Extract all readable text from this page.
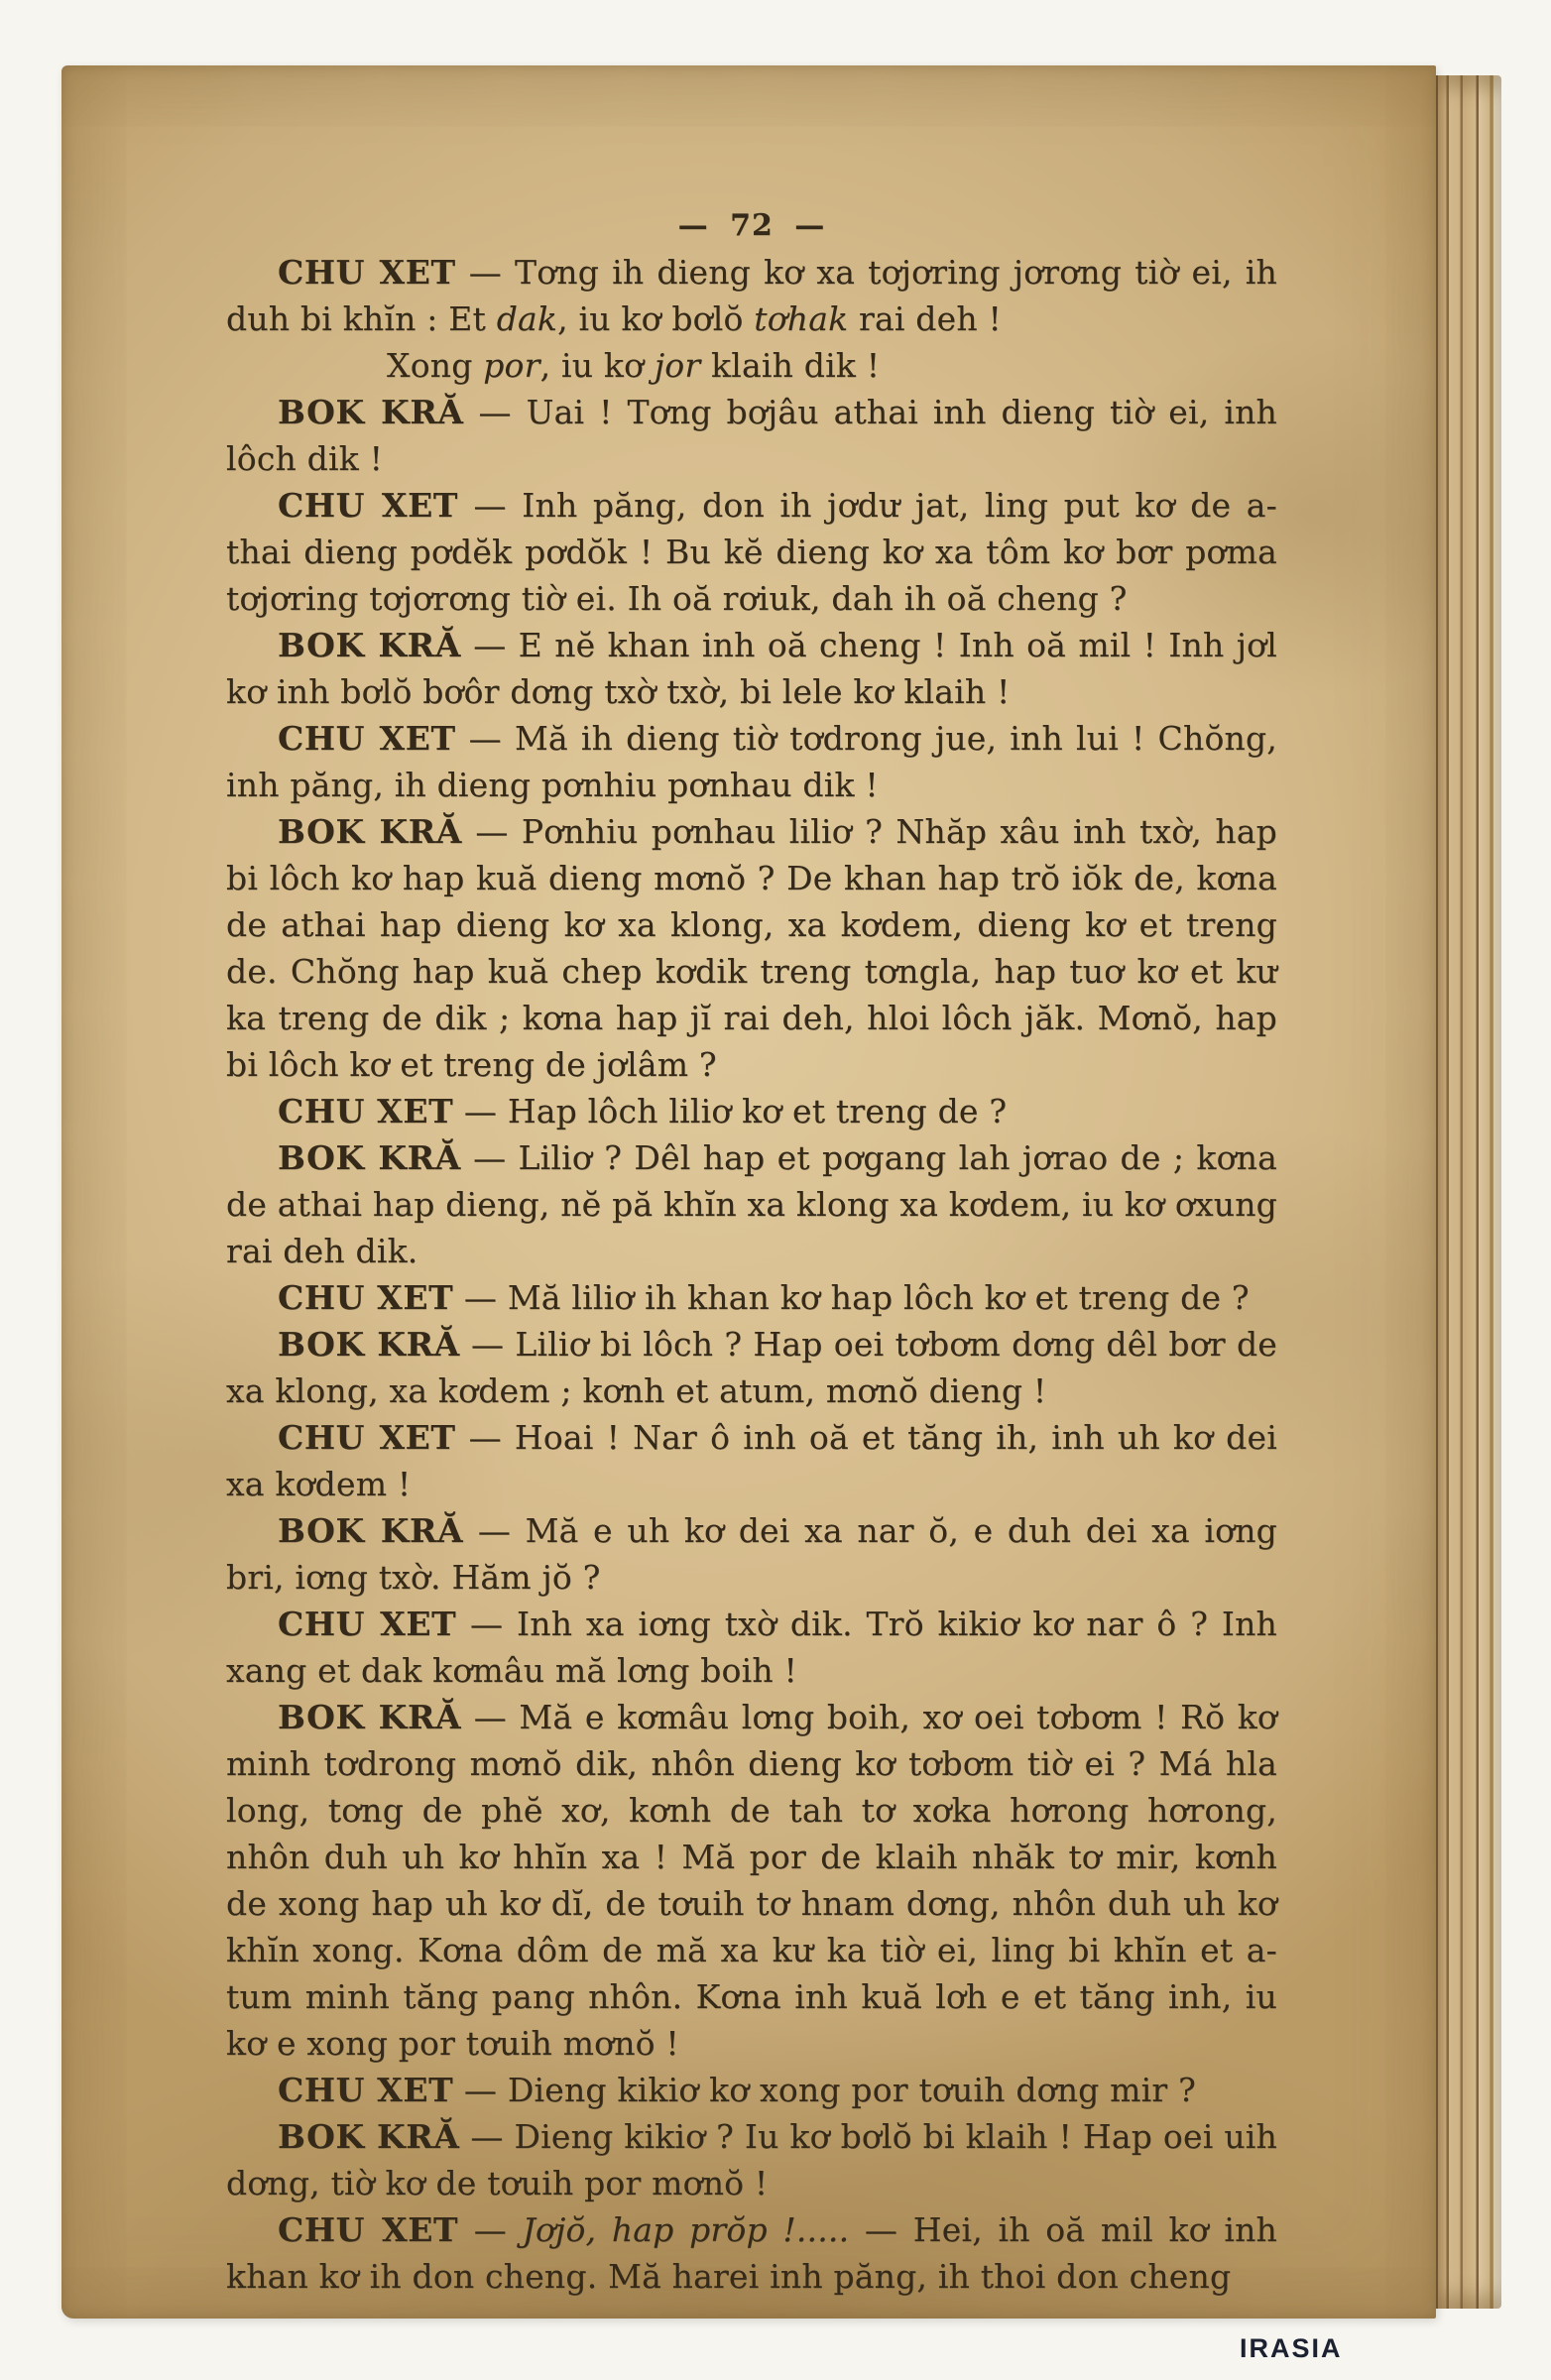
— 72 —

CHU XET — Tơng ih dieng kơ xa tơjơring jơrơng tiờ ei, ih duh bi khĭn : Et dak, iu kơ bơlŏ tơhak rai deh !

Xong por, iu kơ jor klaih dik !

BOK KRĂ — Uai ! Tơng bơjâu athai inh dieng tiờ ei, inh lôch dik !

CHU XET — Inh păng, don ih jơdư jat, ling put kơ de a-thai dieng pơdĕk pơdŏk ! Bu kĕ dieng kơ xa tôm kơ bơr pơma tơjơring tơjơrơng tiờ ei. Ih oă rơiuk, dah ih oă cheng ?

BOK KRĂ — E nĕ khan inh oă cheng ! Inh oă mil ! Inh jơl kơ inh bơlŏ bơôr dơng txờ txờ, bi lele kơ klaih !

CHU XET — Mă ih dieng tiờ tơdrong jue, inh lui ! Chŏng, inh păng, ih dieng pơnhiu pơnhau dik !

BOK KRĂ — Pơnhiu pơnhau liliơ ? Nhăp xâu inh txờ, hap bi lôch kơ hap kuă dieng mơnŏ ? De khan hap trŏ iŏk de, kơna de athai hap dieng kơ xa klong, xa kơdem, dieng kơ et treng de. Chŏng hap kuă chep kơdik treng tơngla, hap tuơ kơ et kư ka treng de dik ; kơna hap jĭ rai deh, hloi lôch jăk. Mơnŏ, hap bi lôch kơ et treng de jơlâm ?

CHU XET — Hap lôch liliơ kơ et treng de ?

BOK KRĂ — Liliơ ? Dêl hap et pơgang lah jơrao de ; kơna de athai hap dieng, nĕ pă khĭn xa klong xa kơdem, iu kơ ơxung rai deh dik.

CHU XET — Mă liliơ ih khan kơ hap lôch kơ et treng de ?

BOK KRĂ — Liliơ bi lôch ? Hap oei tơbơm dơng dêl bơr de xa klong, xa kơdem ; kơnh et atum, mơnŏ dieng !

CHU XET — Hoai ! Nar ô inh oă et tăng ih, inh uh kơ dei xa kơdem !

BOK KRĂ — Mă e uh kơ dei xa nar ŏ, e duh dei xa iơng bri, iơng txờ. Hăm jŏ ?

CHU XET — Inh xa iơng txờ dik. Trŏ kikiơ kơ nar ô ? Inh xang et dak kơmâu mă lơng boih !

BOK KRĂ — Mă e kơmâu lơng boih, xơ oei tơbơm ! Rŏ kơ minh tơdrong mơnŏ dik, nhôn dieng kơ tơbơm tiờ ei ? Má hla long, tơng de phĕ xơ, kơnh de tah tơ xơka hơrong hơrong, nhôn duh uh kơ hhĭn xa ! Mă por de klaih nhăk tơ mir, kơnh de xong hap uh kơ dĭ, de tơuih tơ hnam dơng, nhôn duh uh kơ khĭn xong. Kơna dôm de mă xa kư ka tiờ ei, ling bi khĭn et a-tum minh tăng pang nhôn. Kơna inh kuă lơh e et tăng inh, iu kơ e xong por tơuih mơnŏ !

CHU XET — Dieng kikiơ kơ xong por tơuih dơng mir ?

BOK KRĂ — Dieng kikiơ ? Iu kơ bơlŏ bi klaih ! Hap oei uih dơng, tiờ kơ de tơuih por mơnŏ !

CHU XET — Jơjŏ, hap prŏp !..... — Hei, ih oă mil kơ inh khan kơ ih don cheng. Mă harei inh păng, ih thoi don cheng

IRASIA
